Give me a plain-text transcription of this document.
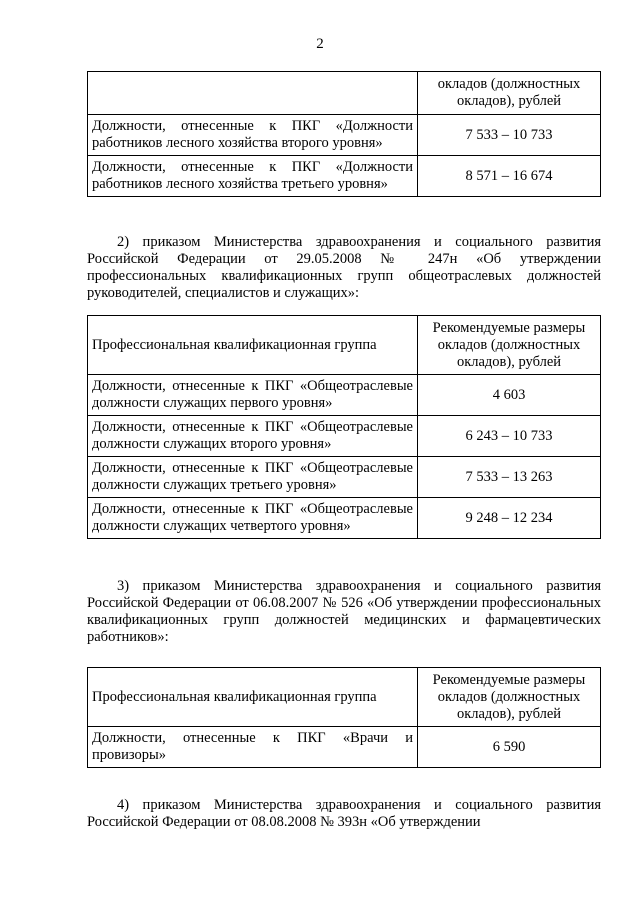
2
	окладов (должностных окладов), рублей
Должности, отнесенные к ПКГ «Должности работников лесного хозяйства второго уровня»	7 533 – 10 733
Должности, отнесенные к ПКГ «Должности работников лесного хозяйства третьего уровня»	8 571 – 16 674

2) приказом Министерства здравоохранения и социального развития Российской Федерации от 29.05.2008 № 247н «Об утверждении профессиональных квалификационных групп общеотраслевых должностей руководителей, специалистов и служащих»:

Профессиональная квалификационная группа	Рекомендуемые размеры окладов (должностных окладов), рублей
Должности, отнесенные к ПКГ «Общеотраслевые должности служащих первого уровня»	4 603
Должности, отнесенные к ПКГ «Общеотраслевые должности служащих второго уровня»	6 243 – 10 733
Должности, отнесенные к ПКГ «Общеотраслевые должности служащих третьего уровня»	7 533 – 13 263
Должности, отнесенные к ПКГ «Общеотраслевые должности служащих четвертого уровня»	9 248 – 12 234

3) приказом Министерства здравоохранения и социального развития Российской Федерации от 06.08.2007 № 526 «Об утверждении профессиональных квалификационных групп должностей медицинских и фармацевтических работников»:

Профессиональная квалификационная группа	Рекомендуемые размеры окладов (должностных окладов), рублей
Должности, отнесенные к ПКГ «Врачи и провизоры»	6 590

4) приказом Министерства здравоохранения и социального развития Российской Федерации от 08.08.2008 № 393н «Об утверждении
